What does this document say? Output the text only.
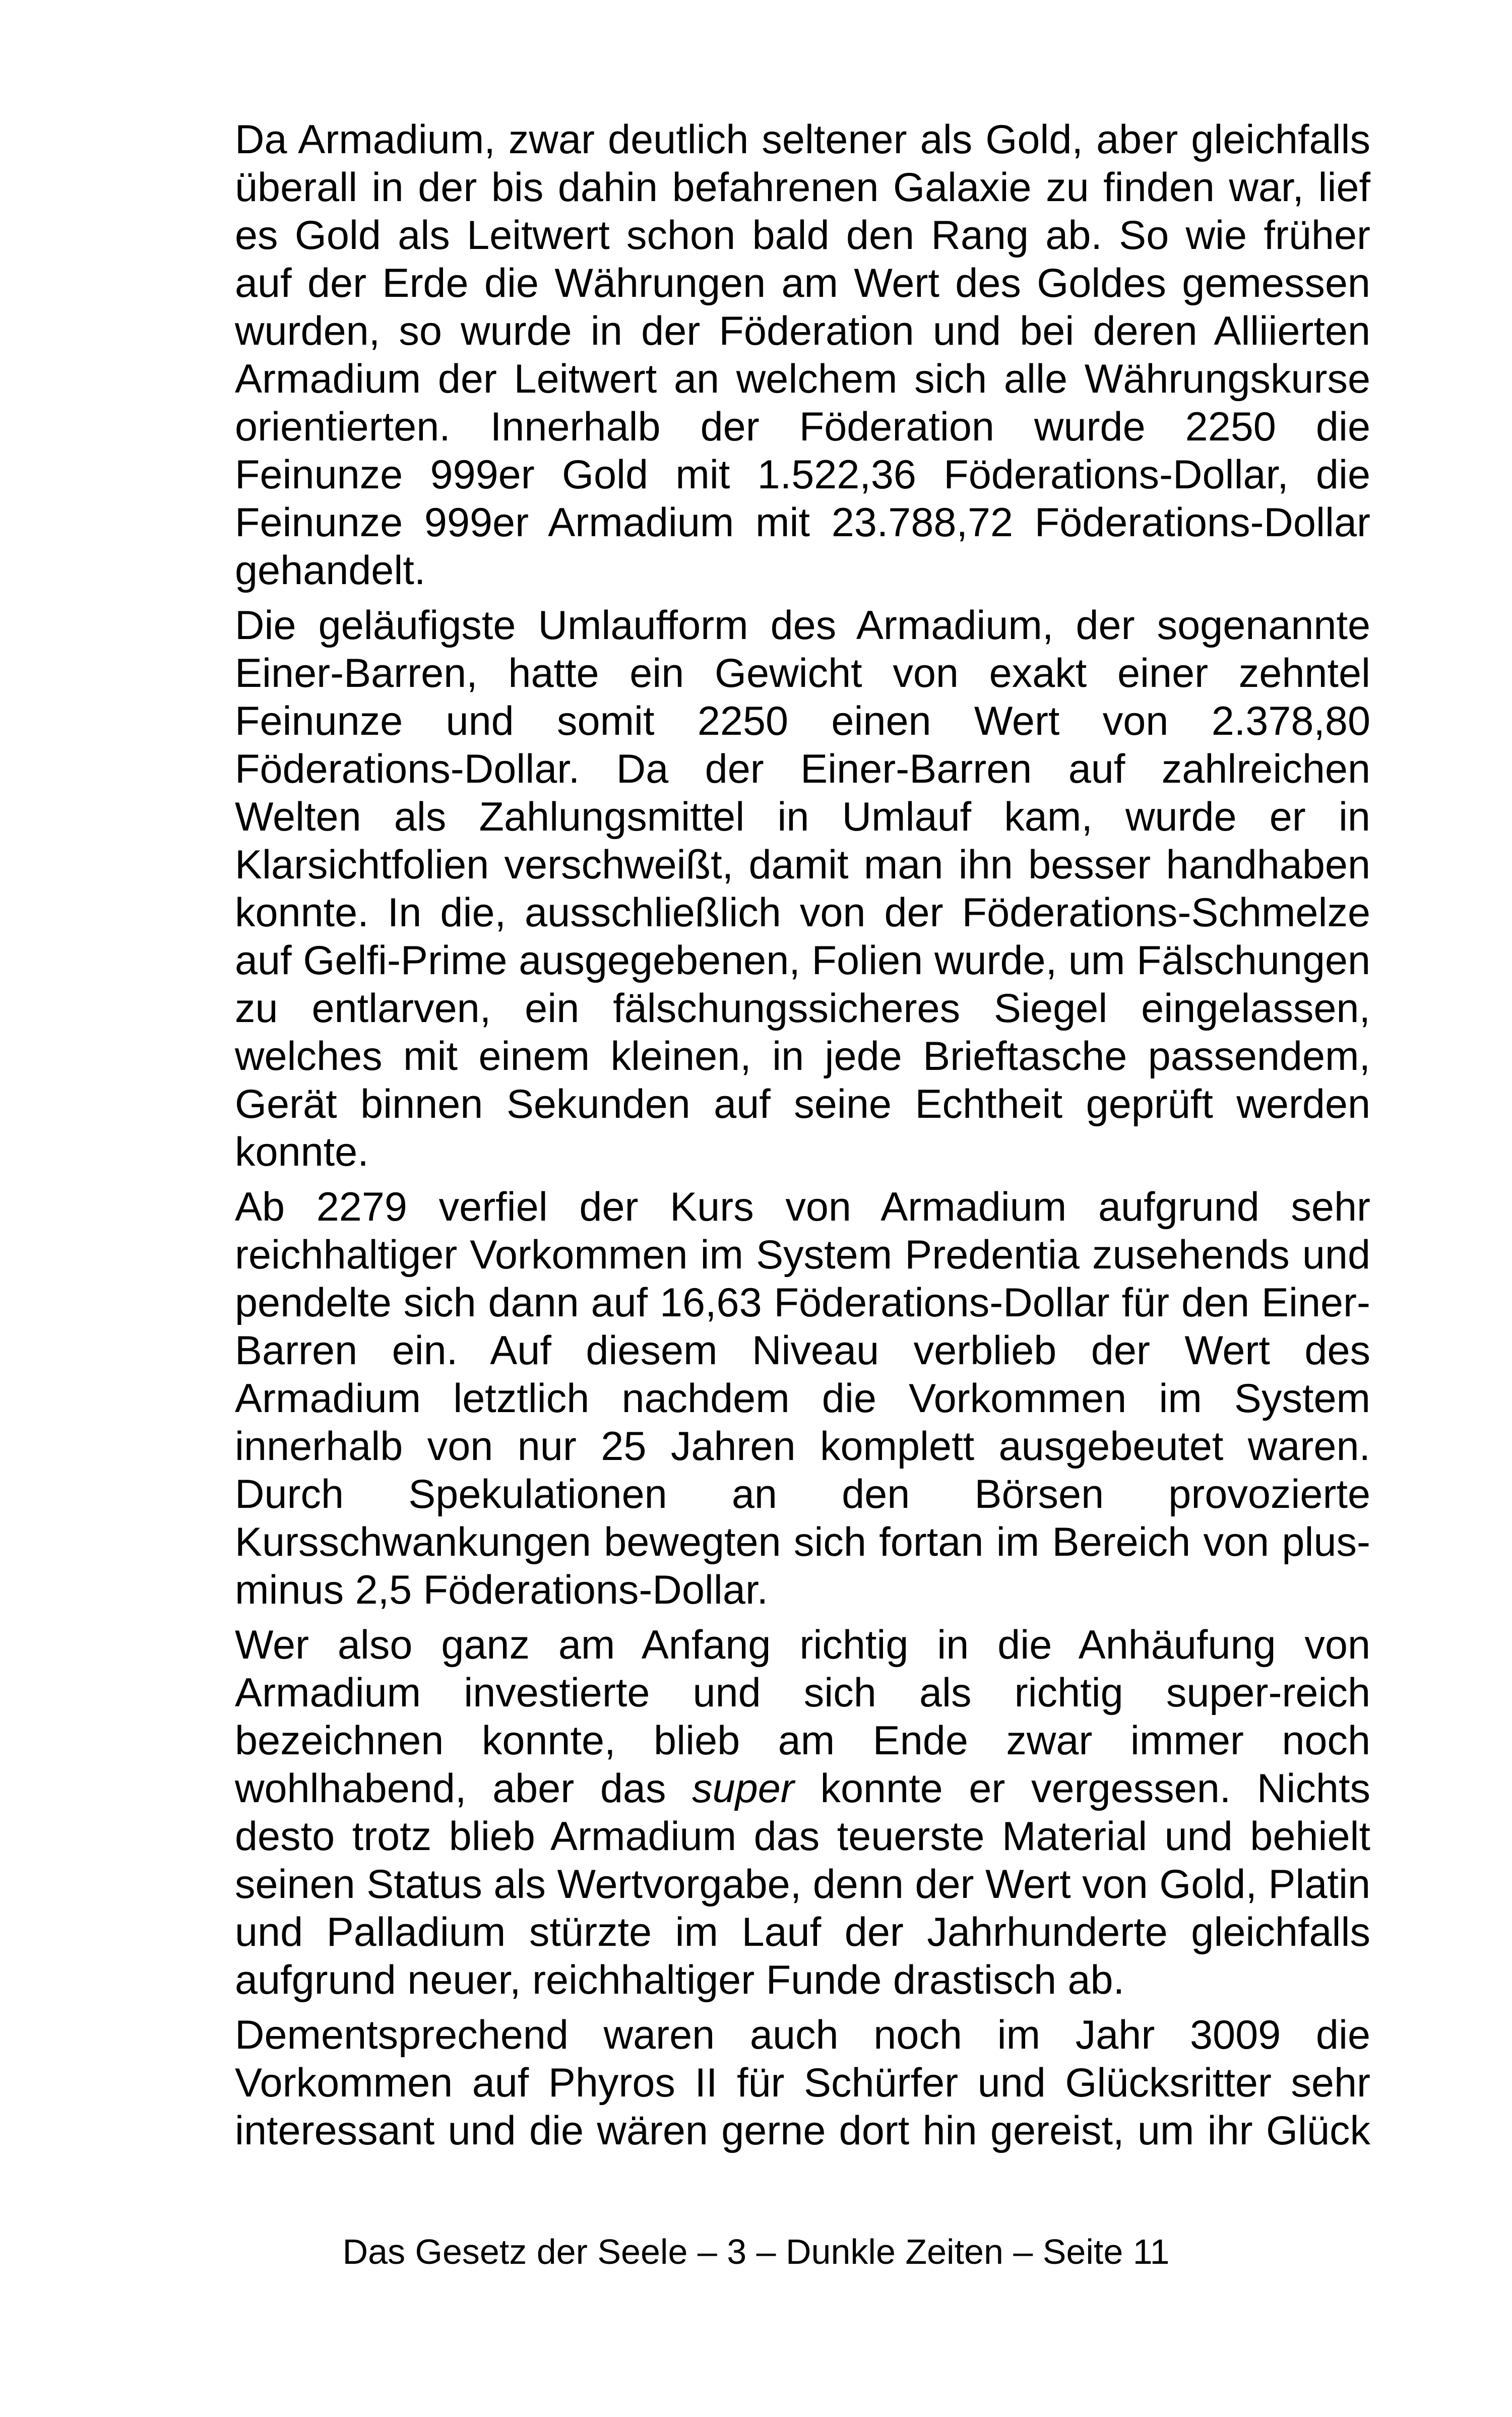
Da Armadium, zwar deutlich seltener als Gold, aber gleichfalls überall in der bis dahin befahrenen Galaxie zu finden war, lief es Gold als Leitwert schon bald den Rang ab. So wie früher auf der Erde die Währungen am Wert des Goldes gemessen wurden, so wurde in der Föderation und bei deren Alliierten Armadium der Leitwert an welchem sich alle Währungskurse orientierten. Innerhalb der Föderation wurde 2250 die Feinunze 999er Gold mit 1.522,36 Föderations-Dollar, die Feinunze 999er Armadium mit 23.788,72 Föderations-Dollar gehandelt.

Die geläufigste Umlaufform des Armadium, der sogenannte Einer-Barren, hatte ein Gewicht von exakt einer zehntel Feinunze und somit 2250 einen Wert von 2.378,80 Föderations-Dollar. Da der Einer-Barren auf zahlreichen Welten als Zahlungsmittel in Umlauf kam, wurde er in Klarsichtfolien verschweißt, damit man ihn besser handhaben konnte. In die, ausschließlich von der Föderations-Schmelze auf Gelfi-Prime ausgegebenen, Folien wurde, um Fälschungen zu entlarven, ein fälschungssicheres Siegel eingelassen, welches mit einem kleinen, in jede Brieftasche passendem, Gerät binnen Sekunden auf seine Echtheit geprüft werden konnte.

Ab 2279 verfiel der Kurs von Armadium aufgrund sehr reichhaltiger Vorkommen im System Predentia zusehends und pendelte sich dann auf 16,63 Föderations-Dollar für den Einer-Barren ein. Auf diesem Niveau verblieb der Wert des Armadium letztlich nachdem die Vorkommen im System innerhalb von nur 25 Jahren komplett ausgebeutet waren. Durch Spekulationen an den Börsen provozierte Kursschwankungen bewegten sich fortan im Bereich von plus-minus 2,5 Föderations-Dollar.

Wer also ganz am Anfang richtig in die Anhäufung von Armadium investierte und sich als richtig super-reich bezeichnen konnte, blieb am Ende zwar immer noch wohlhabend, aber das super konnte er vergessen. Nichts desto trotz blieb Armadium das teuerste Material und behielt seinen Status als Wertvorgabe, denn der Wert von Gold, Platin und Palladium stürzte im Lauf der Jahrhunderte gleichfalls aufgrund neuer, reichhaltiger Funde drastisch ab.

Dementsprechend waren auch noch im Jahr 3009 die Vorkommen auf Phyros II für Schürfer und Glücksritter sehr interessant und die wären gerne dort hin gereist, um ihr Glück

Das Gesetz der Seele – 3 – Dunkle Zeiten – Seite 11
